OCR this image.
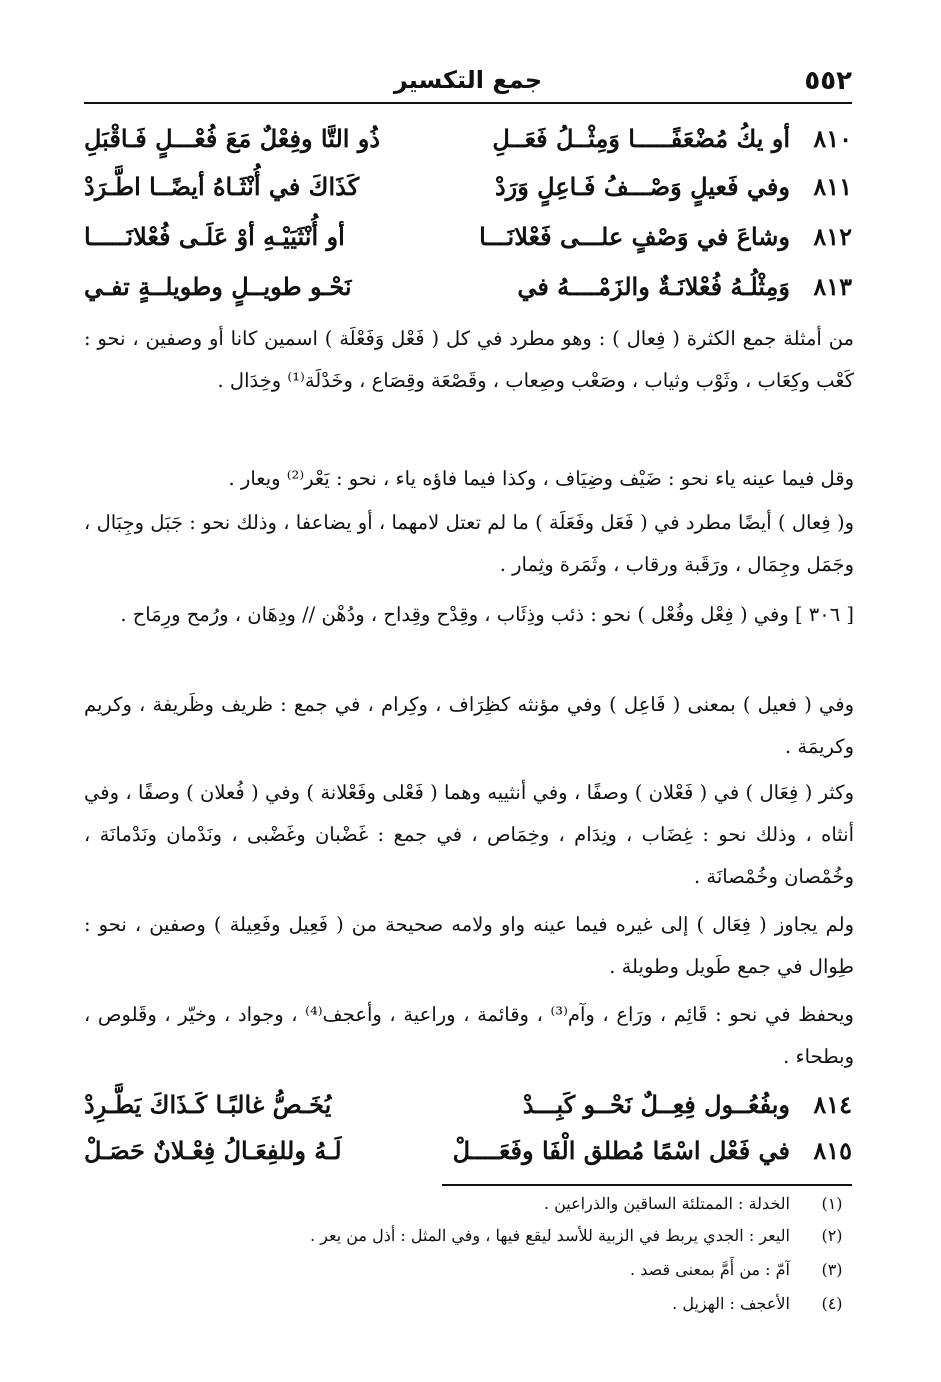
٥٥٢
جمع التكسير
٨١٠
أو يكُ مُضْعَفًـــــا وَمِثْــلُ فَعَــلِ
ذُو التَّا وفِعْلٌ مَعَ فُعْـــلٍ فَـاقْبَلِ
٨١١
وفي فَعيلٍ وَصْـــفُ فَـاعِلٍ وَرَدْ
كَذَاكَ في أُنْثَـاهُ أيضًــا اطَّـرَدْ
٨١٢
وشاعَ في وَصْفٍ علـــى فَعْلانَـــا
أو أُنْثَيَيْـهِ أوْ عَلَـى فُعْلانَـــــا
٨١٣
وَمِثْلُـهُ فُعْلانَـةٌ والزَمْــــهُ في
نَحْـو طويــلٍ وطويلــةٍ تفـي

من أمثلة جمع الكثرة ( فِعال ) : وهو مطرد في كل ( فَعْل وَفَعْلَة ) اسمين كانا أو وصفين ، نحو : كَعْب وكِعَاب ، وثَوْب وثياب ، وصَعْب وصِعاب ، وقَصْعَة وقِصَاع ، وخَدْلَة⁽¹⁾ وخِدَال .

وقل فيما عينه ياء نحو : ضَيْف وضِيَاف ، وكذا فيما فاؤه ياء ، نحو : يَعْر⁽²⁾ ويعار .

و( فِعال ) أيضًا مطرد في ( فَعَل وفَعَلَة ) ما لم تعتل لامهما ، أو يضاعفا ، وذلك نحو : جَبَل وجِبَال ، وجَمَل وجِمَال ، ورَقَبة ورقاب ، وثَمَرة وثِمار .

[ ٣٠٦ ] وفي ( فِعْل وفُعْل ) نحو : ذئب وذِئَاب ، وقِدْح وقِداح ، ودُهْن // ودِهَان ، ورُمح ورِمَاح .

وفي ( فعيل ) بمعنى ( فَاعِل ) وفي مؤنثه كظِرَاف ، وكِرام ، في جمع : ظريف وظَريفة ، وكريم وكريمَة .

وكثر ( فِعَال ) في ( فَعْلان ) وصفًا ، وفي أنثييه وهما ( فَعْلى وفَعْلانة ) وفي ( فُعلان ) وصفًا ، وفي أنثاه ، وذلك نحو : غِضَاب ، ونِدَام ، وخِمَاص ، في جمع : غَضْبان وغَضْبى ، ونَدْمان ونَدْمانَة ، وخُمْصان وخُمْصانَة .

ولم يجاوز ( فِعَال ) إلى غيره فيما عينه واو ولامه صحيحة من ( فَعِيل وفَعِيلة ) وصفين ، نحو : طِوال في جمع طَويل وطويلة .

ويحفظ في نحو : قَائِم ، ورَاع ، وآم⁽³⁾ ، وقائمة ، وراعية ، وأعجف⁽⁴⁾ ، وجواد ، وخيّر ، وقَلوص ، وبطحاء .

٨١٤
وبفُعُــول فِعِــلٌ نَحْــو كَبِـــدْ
يُخَـصُّ غالبًـا كَـذَاكَ يَطَّـرِدْ
٨١٥
في فَعْل اسْمًا مُطلق الْفَا وفَعَــــلْ
لَـهُ وللفِعَـالُ فِعْـلانٌ حَصَـلْ
(١)
الخدلة : الممتلئة الساقين والذراعين .
(٢)
اليعر : الجدي يربط في الزبية للأسد ليقع فيها ، وفي المثل : أذل من يعر .
(٣)
آمّ : من أَمَّ بمعنى قصد .
(٤)
الأعجف : الهزيل .
